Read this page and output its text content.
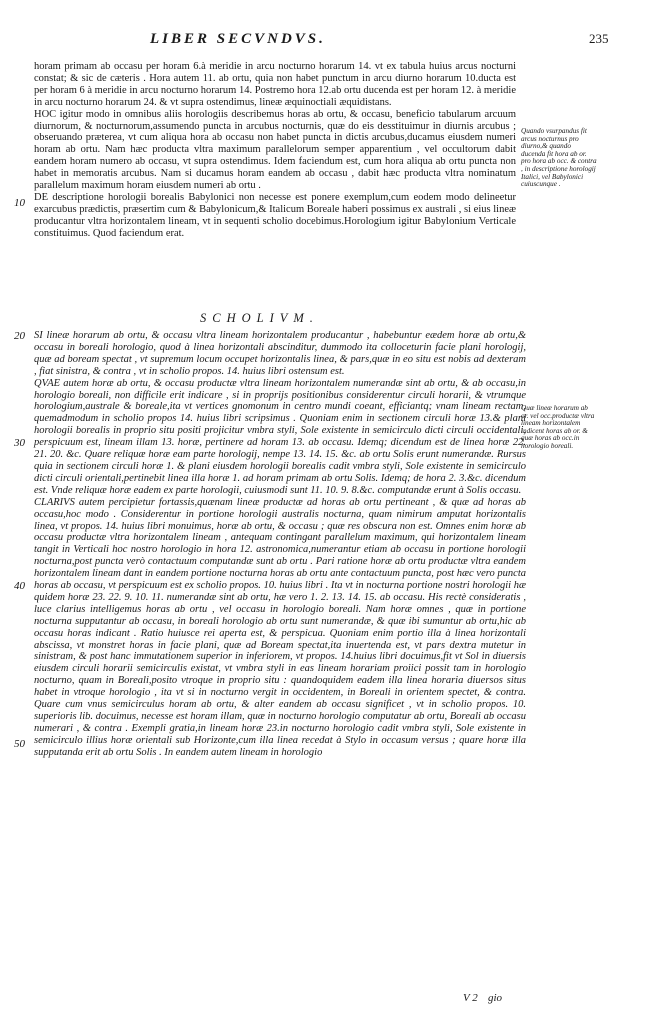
LIBER SECVNDVS.	235

horam primam ab occasu per horam 6.à meridie in arcu nocturno horarum 14. vt ex tabula huius arcus nocturni constat; & sic de cæteris . Hora autem 11. ab ortu, quia non habet punctum in arcu diurno horarum 10.ducta est per horam 6 à meridie in arcu nocturno horarum 14. Postremo hora 12.ab ortu ducenda est per horam 12. à meridie in arcu nocturno horarum 24. & vt supra ostendimus, lineæ æquinoctiali æquidistans.

HOC igitur modo in omnibus aliis horologiis describemus horas ab ortu, & occasu, beneficio tabularum arcuum diurnorum, & nocturnorum,assumendo puncta in arcubus nocturnis, quæ do eis desstituimur in diurnis arcubus ; obseruando præterea, vt cum aliqua hora ab occasu non habet puncta in dictis arcubus,ducamus eiusdem numeri horam ab ortu. Nam hæc producta vltra maximum parallelorum semper apparentium , vel occultorum dabit eandem horam numero ab occasu, vt supra ostendimus. Idem faciendum est, cum hora aliqua ab ortu puncta non habet in memoratis arcubus. Nam si ducamus horam eandem ab occasu , dabit hæc producta vltra nominatum parallelum maximum horam eiusdem numeri ab ortu .

DE descriptione horologii borealis Babylonici non necesse est ponere exemplum,cum eodem modo delineetur exarcubus prædictis, præsertim cum & Babylonicum,& Italicum Boreale haberi possimus ex australi , si eius lineæ producantur vltra horizontalem lineam, vt in sequenti scholio docebimus.Horologium igitur Babylonium Verticale constituimus. Quod faciendum erat.

SCHOLIVM.

SI lineæ horarum ab ortu, & occasu vltra lineam horizontalem producantur , habebuntur eædem horæ ab ortu,& occasu in boreali horologio, quod à linea horizontali abscinditur, dummodo ita colloceturin facie plani horologij, quæ ad boream spectat , vt supremum locum occupet horizontalis linea, & pars,quæ in eo situ est nobis ad dexteram , fiat sinistra, & contra , vt in scholio propos. 14. huius libri ostensum est.

QVAE autem horæ ab ortu, & occasu productæ vltra lineam horizontalem numerandæ sint ab ortu, & ab occasu,in horologio boreali, non difficile erit indicare , si in proprijs positionibus considerentur circuli horarii, & vtrumque horologium,australe & boreale,ita vt vertices gnomonum in centro mundi coeant, efficiantq; vnam lineam rectam, quemadmodum in scholio propos 14. huius libri scripsimus . Quoniam enim in sectionem circuli horæ 13.& plani horologii borealis in proprio situ positi projicitur vmbra styli, Sole existente in semicirculo dicti circuli occidentali, perspicuum est, lineam illam 13. horæ, pertinere ad horam 13. ab occasu. Idemq; dicendum est de linea horæ 22. 21. 20. &c. Quare reliquæ horæ eam parte horologij, nempe 13. 14. 15. &c. ab ortu Solis erunt numerandæ. Rursus quia in sectionem circuli horæ 1. & plani eiusdem horologii borealis cadit vmbra styli, Sole existente in semicirculo dicti circuli orientali,pertinebit linea illa horæ 1. ad horam primam ab ortu Solis. Idemq; de hora 2. 3.&c. dicendum est. Vnde reliquæ horæ eadem ex parte horologii, cuiusmodi sunt 11. 10. 9. 8.&c. computandæ erunt à Solis occasu.

CLARIVS autem percipietur fortassis,quænam lineæ productæ ad horas ab ortu pertineant , & quæ ad horas ab occasu,hoc modo . Considerentur in portione horologii australis nocturna, quam nimirum amputat horizontalis linea, vt propos. 14. huius libri monuimus, horæ ab ortu, & occasu ; quæ res obscura non est. Omnes enim horæ ab occasu productæ vltra horizontalem lineam , antequam contingant parallelum maximum, qui horizontalem lineam tangit in Verticali hoc nostro horologio in hora 12. astronomica,numerantur etiam ab occasu in portione horologii nocturna,post puncta verò contactuum computandæ sunt ab ortu . Pari ratione horæ ab ortu productæ vltra eandem horizontalem lineam dant in eandem portione nocturna horas ab ortu ante contactuum puncta, post hæc vero puncta horas ab occasu, vt perspicuum est ex scholio propos. 10. huius libri . Ita vt in nocturna portione nostri horologii hæ quidem horæ 23. 22. 9. 10. 11. numerandæ sint ab ortu, hæ vero 1. 2. 13. 14. 15. ab occasu. His rectè consideratis , luce clarius intelligemus horas ab ortu , vel occasu in horologio boreali. Nam horæ omnes , quæ in portione nocturna supputantur ab occasu, in boreali horologio ab ortu sunt numerandæ, & quæ ibi sumuntur ab ortu,hic ab occasu horas indicant . Ratio huiusce rei aperta est, & perspicua. Quoniam enim portio illa à linea horizontali abscissa, vt monstret horas in facie plani, quæ ad Boream spectat,ita inuertenda est, vt pars dextra mutetur in sinistram, & post hanc immutationem superior in inferiorem, vt propos. 14.huius libri docuimus,fit vt Sol in diuersis eiusdem circuli horarii semicirculis existat, vt vmbra styli in eas lineam horariam proiici possit tam in horologio nocturno, quam in Boreali,posito vtroque in proprio situ : quandoquidem eadem illa linea horaria diuersos situs habet in vtroque horologio , ita vt si in nocturno vergit in occidentem, in Boreali in orientem spectet, & contra. Quare cum vnus semicirculus horam ab ortu, & alter eandem ab occasu significet , vt in scholio propos. 10. superioris lib. docuimus, necesse est horam illam, quæ in nocturno horologio computatur ab ortu, Boreali ab occasu numerari , & contra . Exempli gratia,in lineam horæ 23.in nocturno horologio cadit vmbra styli, Sole existente in semicirculo illius horæ orientali sub Horizonte,cum illa linea recedat à Stylo in occasum versus ; quare horæ illa supputanda erit ab ortu Solis . In eandem autem lineam in horologio

Quando vsurpandus fit arcus nocturnus pro diurno,& quando ducenda fit hora ab or. pro hora ab occ. & contra , in descriptione horologij Italici, vel Babylonici cuiuscunque .
Quæ lineæ horarum ab or. vel occ.productæ vltra lineam horizontalem indicent horas ab or. & quæ horas ab occ.in horologio boreali.
10
20
30
40
50
V 2 gio
